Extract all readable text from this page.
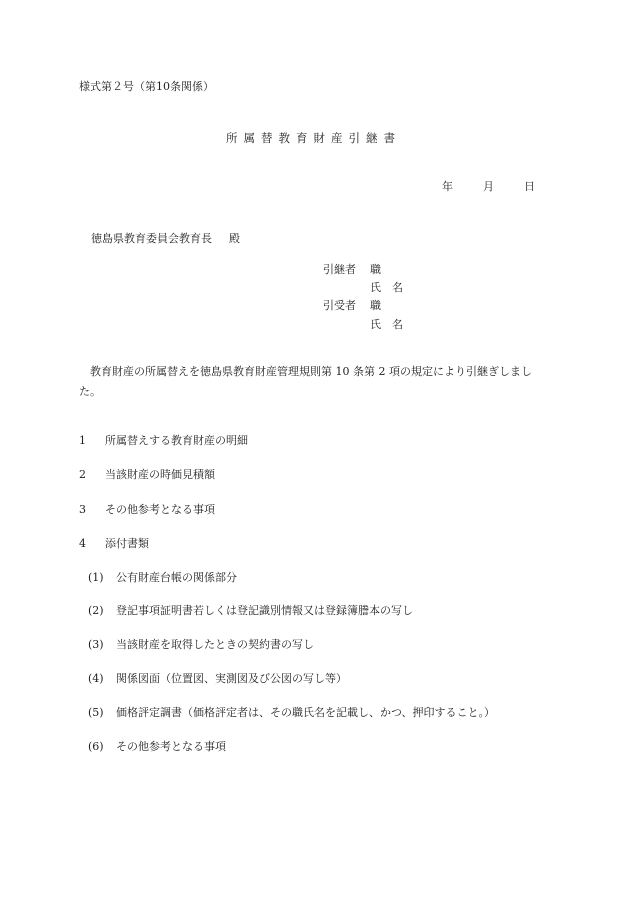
様式第２号（第10条関係）
所属替教育財産引継書
年	月	日
徳島県教育委員会教育長 殿
引継者 職
氏　名
引受者 職
氏　名
教育財産の所属替えを徳島県教育財産管理規則第 10 条第 2 項の規定により引継ぎしました。
1 所属替えする教育財産の明細
2 当該財産の時価見積額
3 その他参考となる事項
4 添付書類
(1) 公有財産台帳の関係部分
(2) 登記事項証明書若しくは登記識別情報又は登録簿謄本の写し
(3) 当該財産を取得したときの契約書の写し
(4) 関係図面（位置図、実測図及び公図の写し等）
(5) 価格評定調書（価格評定者は、その職氏名を記載し、かつ、押印すること。）
(6) その他参考となる事項
